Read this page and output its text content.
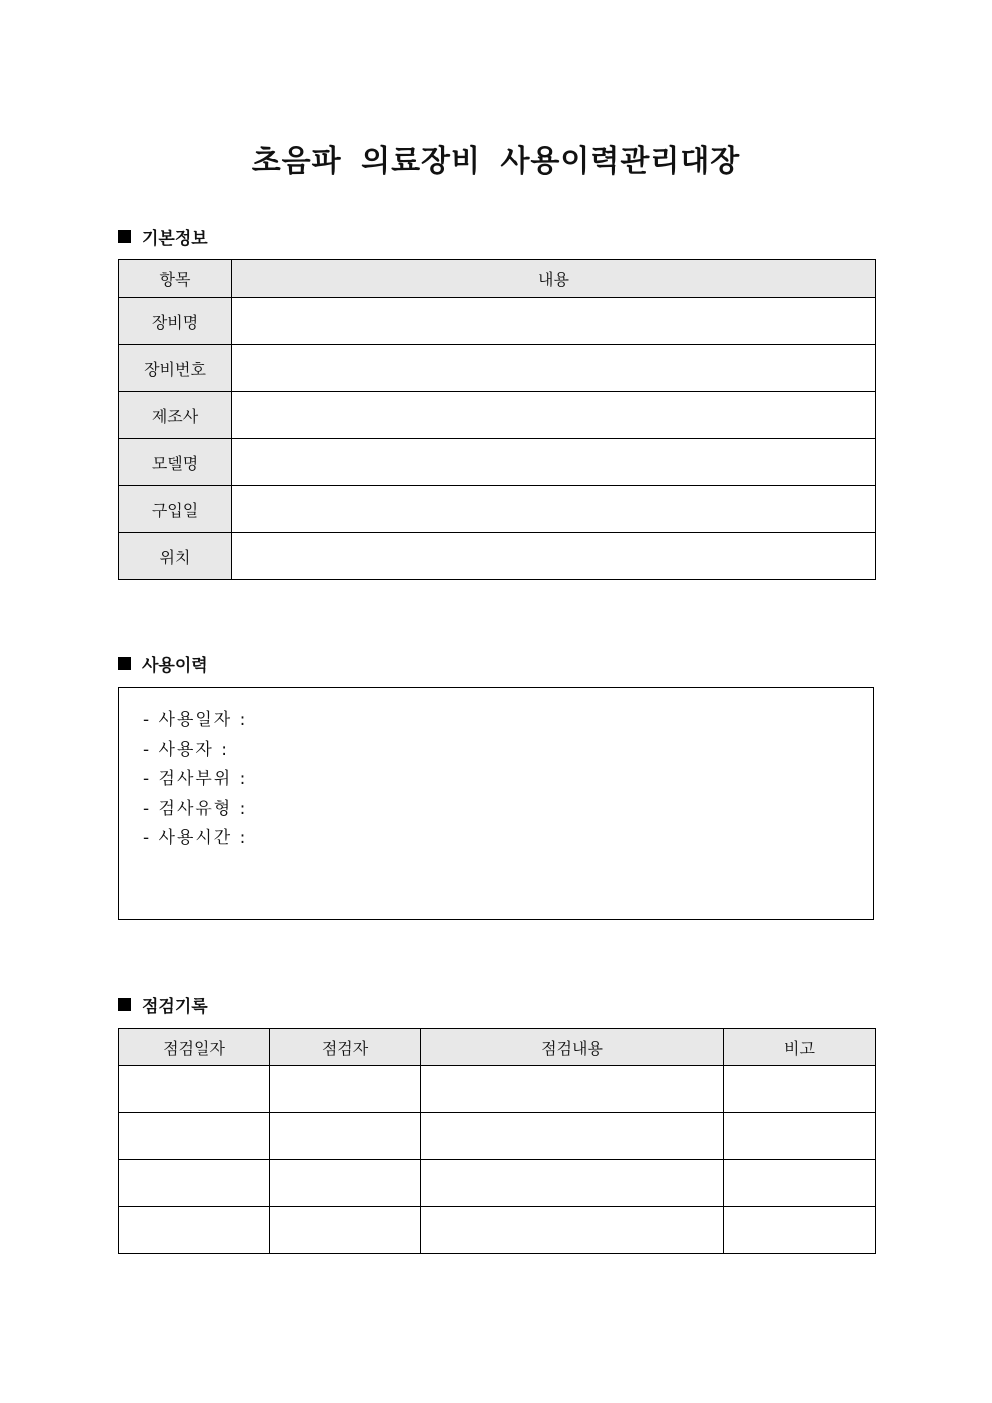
초음파 의료장비 사용이력관리대장
기본정보
항목	내용
장비명	
장비번호	
제조사	
모델명	
구입일	
위치	
사용이력
- 사용일자 :
- 사용자 :
- 검사부위 :
- 검사유형 :
- 사용시간 :
점검기록
점검일자	점검자	점검내용	비고
